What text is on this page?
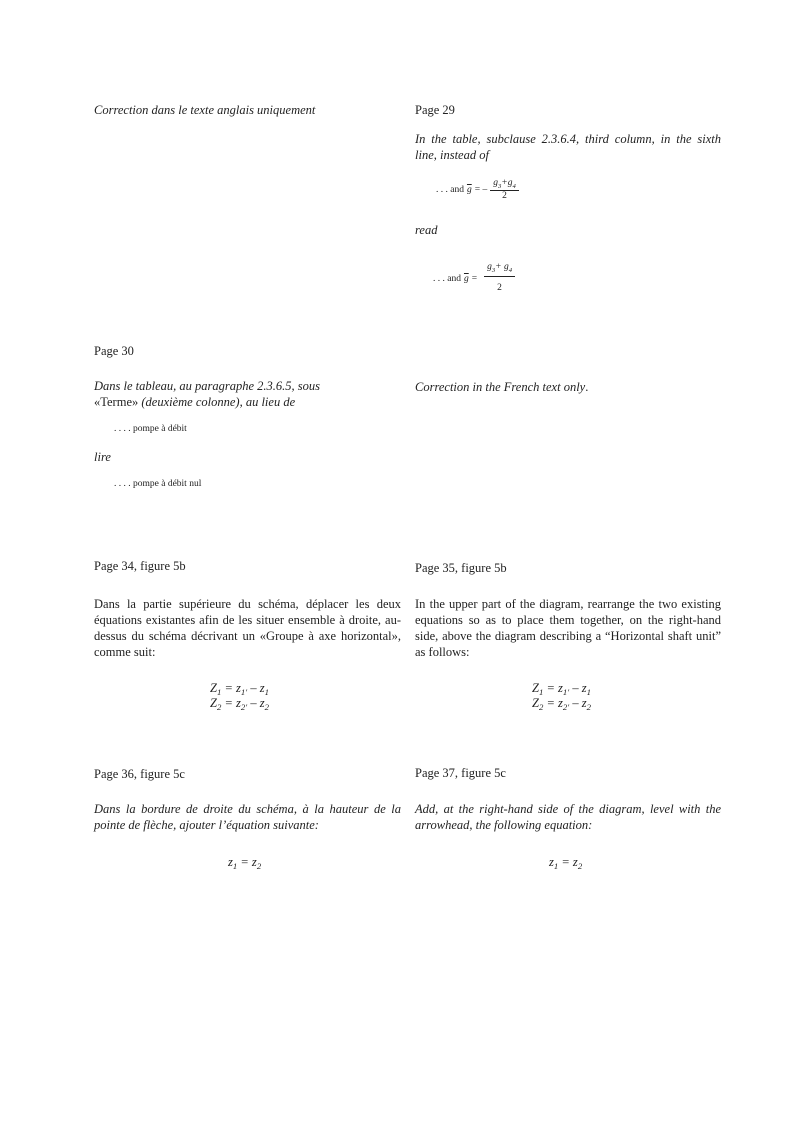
Correction dans le texte anglais uniquement
Page 30
Dans le tableau, au paragraphe 2.3.6.5, sous
«Terme» (deuxième colonne), au lieu de
. . . . pompe à débit
lire
. . . . pompe à débit nul
Page 34, figure 5b
Dans la partie supérieure du schéma, déplacer les deux équations existantes afin de les situer ensemble à droite, au-dessus du schéma décrivant un «Groupe à axe horizontal», comme suit:
$Z_1 = z_{1'} - z_1$
$Z_2 = z_{2'} - z_2$
Page 36, figure 5c
Dans la bordure de droite du schéma, à la hauteur de la pointe de flèche, ajouter l’équation suivante:
$z_1 = z_2$
Page 29
In the table, subclause 2.3.6.4, third column, in the sixth line, instead of
. . . and $\overline{g}$ = – $\frac{g_3+g_4}{2}$
read
. . . and $\overline{g} = \frac{g_3+ g_4}{2}$
Correction in the French text only.
Page 35, figure 5b
In the upper part of the diagram, rearrange the two existing equations so as to place them together, on the right-hand side, above the diagram describing a “Horizontal shaft unit” as follows:
$Z_1 = z_{1'} - z_1$
$Z_2 = z_{2'} - z_2$
Page 37, figure 5c
Add, at the right-hand side of the diagram, level with the arrowhead, the following equation:
$z_1 = z_2$
